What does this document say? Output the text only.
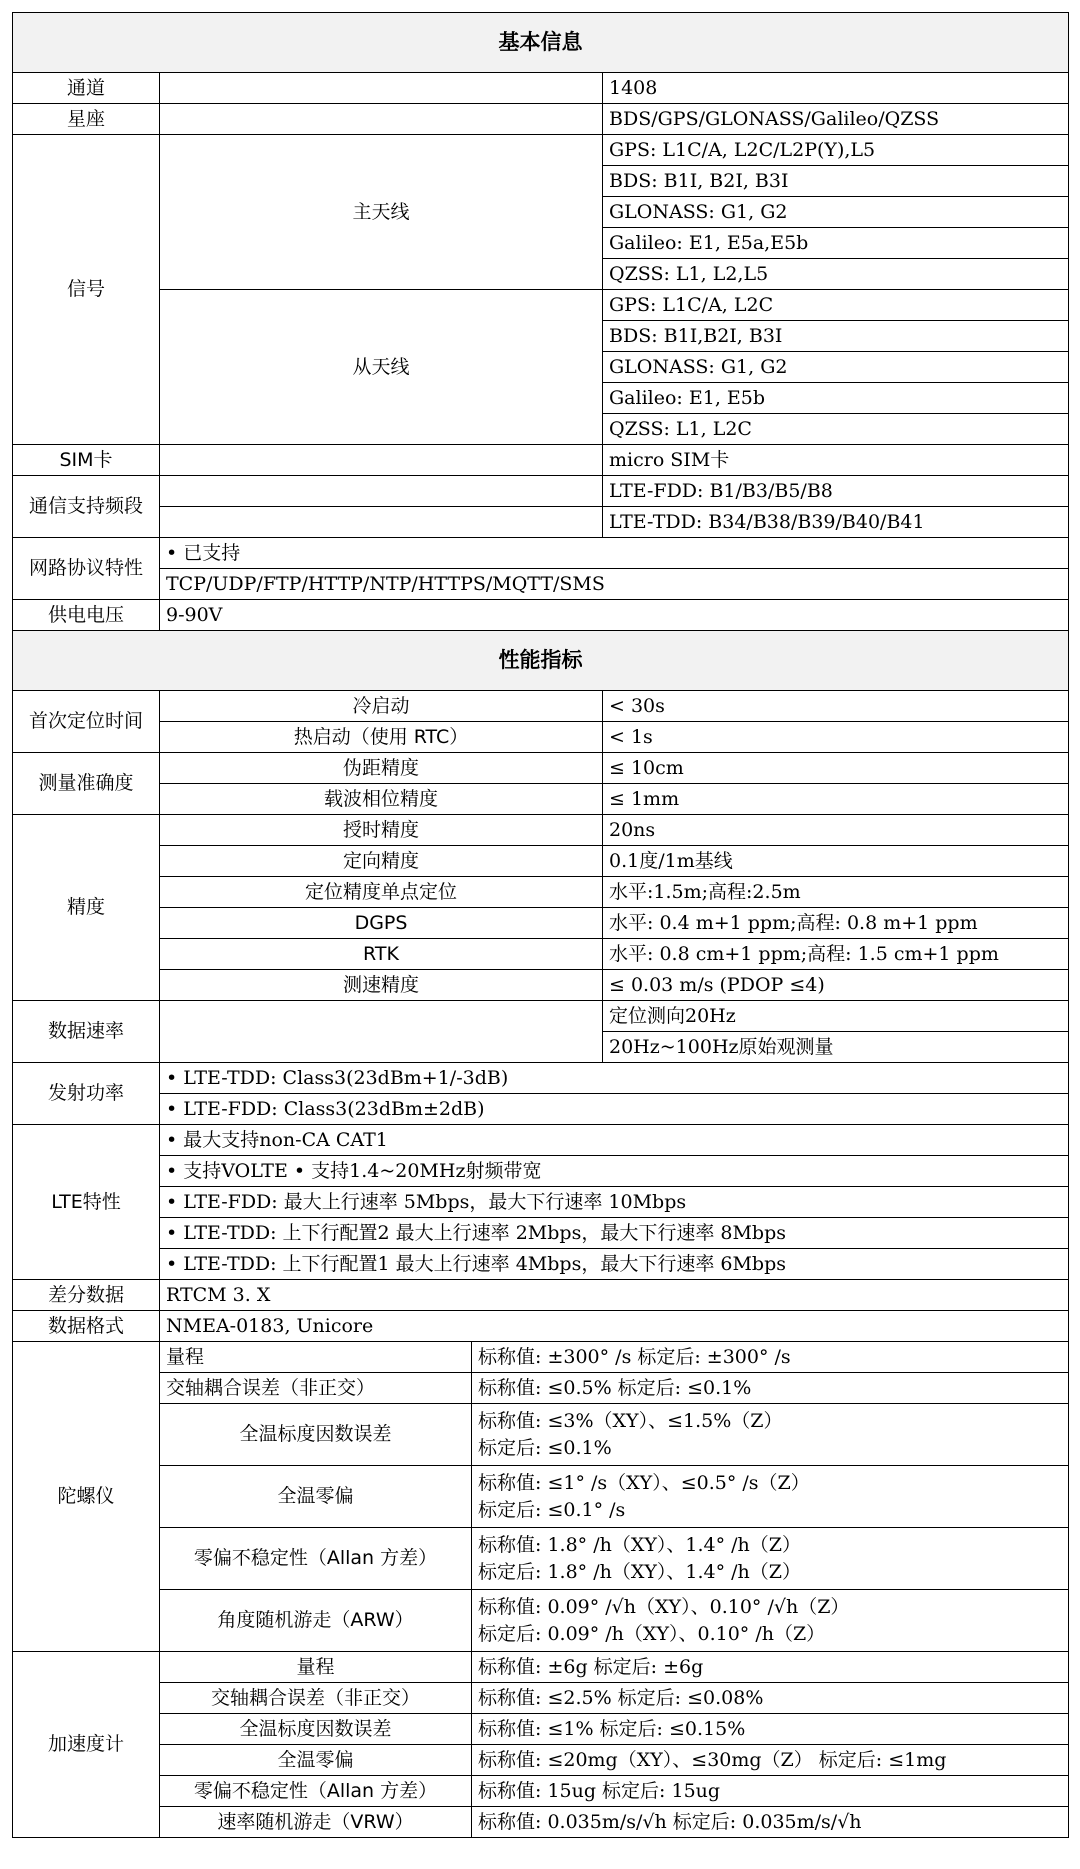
基本信息			
通道			1408
星座			BDS/GPS/GLONASS/Galileo/QZSS
信号	主天线		GPS: L1C/A, L2C/L2P(Y),L5
			BDS: B1I, B2I, B3I
			GLONASS: G1, G2
			Galileo: E1, E5a,E5b
			QZSS: L1, L2,L5
	从天线		GPS: L1C/A, L2C
			BDS: B1I,B2I, B3I
			GLONASS: G1, G2
			Galileo: E1, E5b
			QZSS: L1, L2C
SIM卡			micro SIM卡
通信支持频段			LTE-FDD: B1/B3/B5/B8
			LTE-TDD: B34/B38/B39/B40/B41
网路协议特性	• 已支持		
	TCP/UDP/FTP/HTTP/NTP/HTTPS/MQTT/SMS		
供电电压	9-90V		
性能指标			
首次定位时间	冷启动		< 30s
	热启动（使用 RTC）		< 1s
测量准确度	伪距精度		≤ 10cm
	载波相位精度		≤ 1mm
精度	授时精度		20ns
	定向精度		0.1度/1m基线
	定位精度单点定位		水平:1.5m;高程:2.5m
	DGPS		水平: 0.4 m+1 ppm;高程: 0.8 m+1 ppm
	RTK		水平: 0.8 cm+1 ppm;高程: 1.5 cm+1 ppm
	测速精度		≤ 0.03 m/s (PDOP ≤4)
数据速率			定位测向20Hz
			20Hz~100Hz原始观测量
发射功率	• LTE-TDD: Class3(23dBm+1/-3dB)		
	• LTE-FDD: Class3(23dBm±2dB)		
LTE特性	• 最大支持non-CA CAT1		
	• 支持VOLTE • 支持1.4~20MHz射频带宽		
	• LTE-FDD: 最大上行速率 5Mbps，最大下行速率 10Mbps		
	• LTE-TDD: 上下行配置2 最大上行速率 2Mbps，最大下行速率 8Mbps		
	• LTE-TDD: 上下行配置1 最大上行速率 4Mbps，最大下行速率 6Mbps		
差分数据	RTCM 3. X		
数据格式	NMEA-0183, Unicore		
陀螺仪	量程	标称值: ±300° /s 标定后: ±300° /s	
	交轴耦合误差（非正交）	标称值: ≤0.5% 标定后: ≤0.1%	
	全温标度因数误差	标称值: ≤3%（XY）、≤1.5%（Z）
标定后: ≤0.1%	

	全温零偏	标称值: ≤1° /s（XY）、≤0.5° /s（Z）
标定后: ≤0.1° /s	

	零偏不稳定性（Allan 方差）	标称值: 1.8° /h（XY）、1.4° /h（Z）
标定后: 1.8° /h（XY）、1.4° /h（Z）	

	角度随机游走（ARW）	标称值: 0.09° /√h（XY）、0.10° /√h（Z）
标定后: 0.09° /h（XY）、0.10° /h（Z）	

加速度计	量程	标称值: ±6g 标定后: ±6g	
	交轴耦合误差（非正交）	标称值: ≤2.5% 标定后: ≤0.08%	
	全温标度因数误差	标称值: ≤1% 标定后: ≤0.15%	
	全温零偏	标称值: ≤20mg（XY）、≤30mg（Z） 标定后: ≤1mg	
	零偏不稳定性（Allan 方差）	标称值: 15ug 标定后: 15ug	
	速率随机游走（VRW）	标称值: 0.035m/s/√h 标定后: 0.035m/s/√h	
